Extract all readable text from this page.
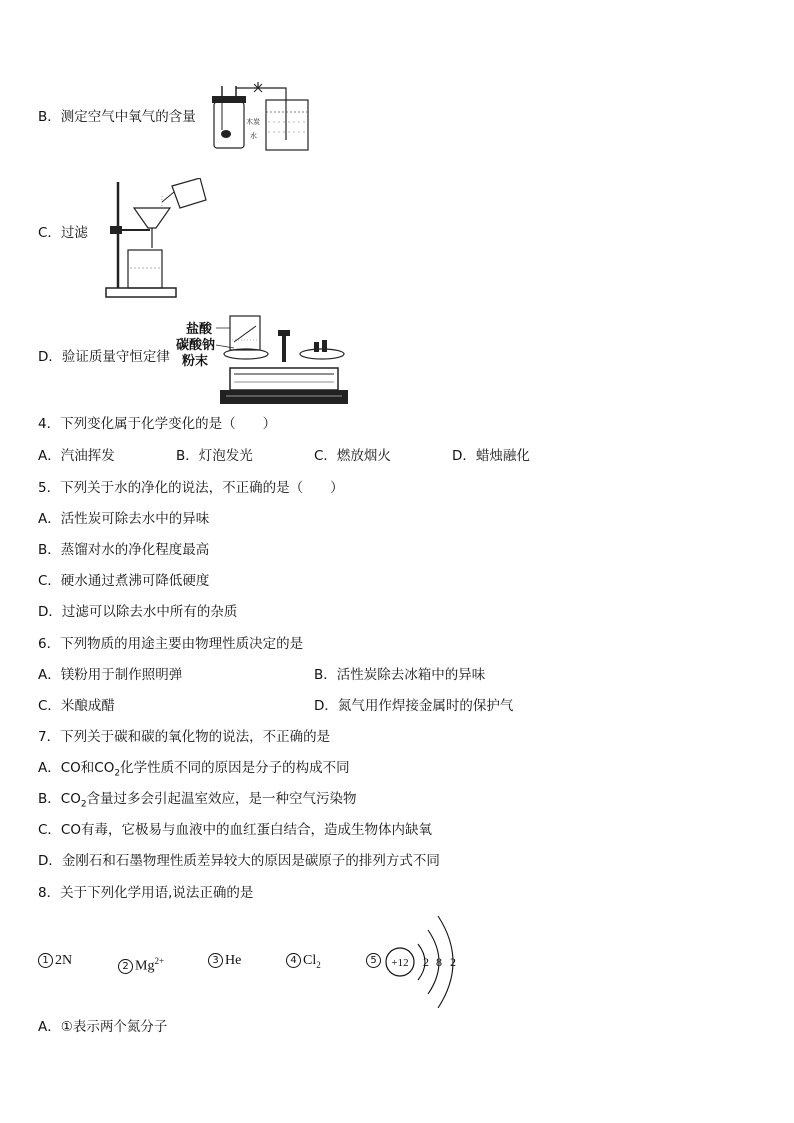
B．测定空气中氧气的含量	木炭
水
C．过滤
D．验证质量守恒定律
盐酸
碳酸钠
粉末
4．下列变化属于化学变化的是（　　）
A．汽油挥发	B．灯泡发光	C．燃放烟火	D．蜡烛融化
5．下列关于水的净化的说法，不正确的是（　　）
A．活性炭可除去水中的异味
B．蒸馏对水的净化程度最高
C．硬水通过煮沸可降低硬度
D．过滤可以除去水中所有的杂质
6．下列物质的用途主要由物理性质决定的是
A．镁粉用于制作照明弹	B．活性炭除去冰箱中的异味
C．米酿成醋	D．氮气用作焊接金属时的保护气
7．下列关于碳和碳的氧化物的说法，不正确的是
A．CO和$CO_2$化学性质不同的原因是分子的构成不同
B．$CO_2$含量过多会引起温室效应，是一种空气污染物
C．CO有毒，它极易与血液中的血红蛋白结合，造成生物体内缺氧
D．金刚石和石墨物理性质差异较大的原因是碳原子的排列方式不同
8．关于下列化学用语,说法正确的是
1 2N	2 $Mg^{2+}$	3 He	4 $Cl_2$	5	+12 2 8 2
A．①表示两个氮分子
